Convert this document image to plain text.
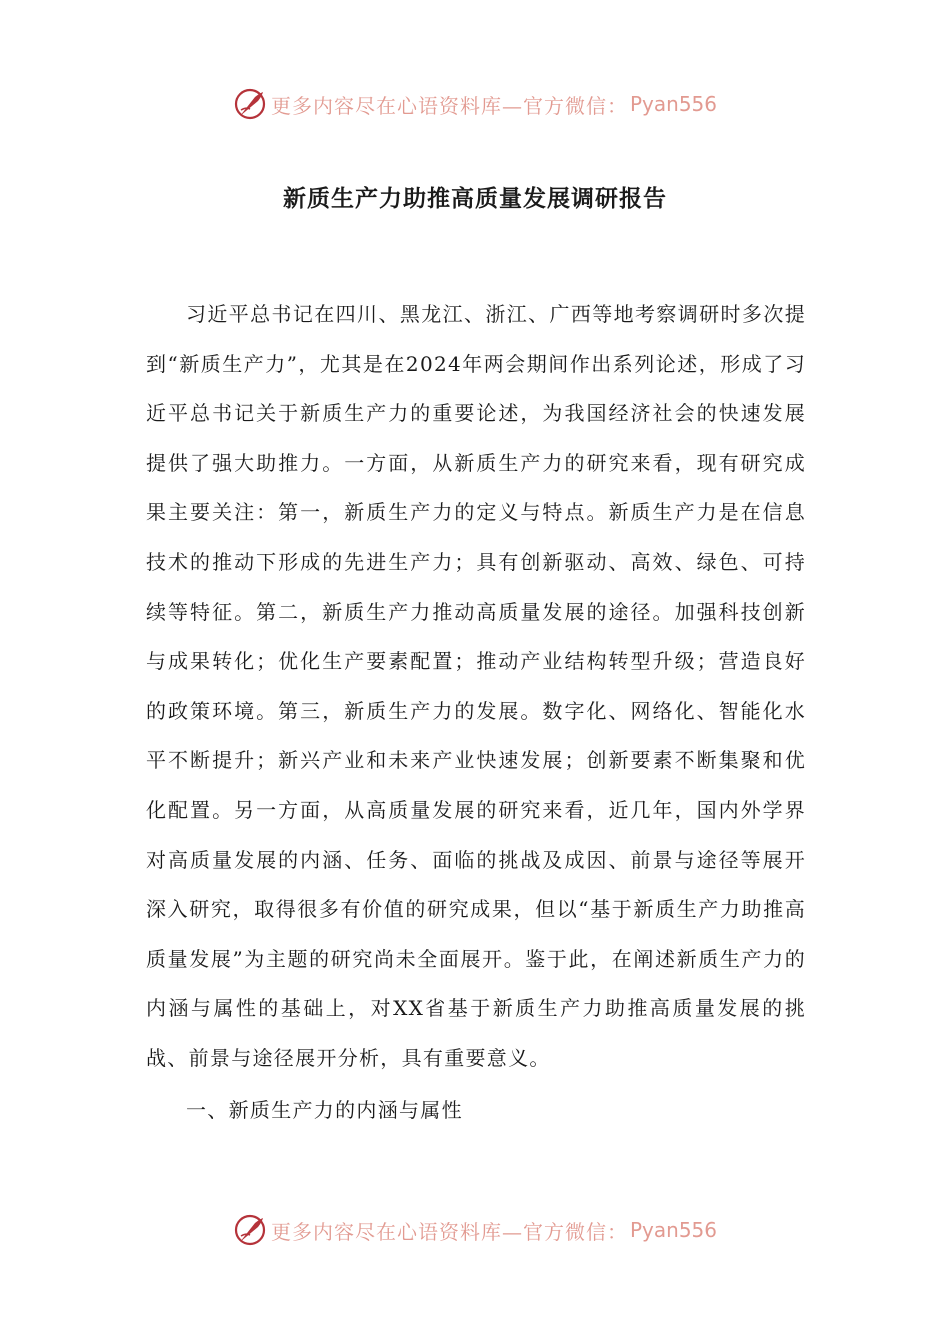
更多内容尽在心语资料库—官方微信： Pyan556
新质生产力助推高质量发展调研报告

习近平总书记在四川、黑龙江、浙江、广西等地考察调研时多次提到“新质生产力”，尤其是在2024年两会期间作出系列论述，形成了习近平总书记关于新质生产力的重要论述，为我国经济社会的快速发展提供了强大助推力。一方面，从新质生产力的研究来看，现有研究成果主要关注：第一，新质生产力的定义与特点。新质生产力是在信息技术的推动下形成的先进生产力；具有创新驱动、高效、绿色、可持续等特征。第二，新质生产力推动高质量发展的途径。加强科技创新与成果转化；优化生产要素配置；推动产业结构转型升级；营造良好的政策环境。第三，新质生产力的发展。数字化、网络化、智能化水平不断提升；新兴产业和未来产业快速发展；创新要素不断集聚和优化配置。另一方面，从高质量发展的研究来看，近几年，国内外学界对高质量发展的内涵、任务、面临的挑战及成因、前景与途径等展开深入研究，取得很多有价值的研究成果，但以“基于新质生产力助推高质量发展”为主题的研究尚未全面展开。鉴于此，在阐述新质生产力的内涵与属性的基础上，对XX省基于新质生产力助推高质量发展的挑战、前景与途径展开分析，具有重要意义。

一、新质生产力的内涵与属性

更多内容尽在心语资料库—官方微信： Pyan556
